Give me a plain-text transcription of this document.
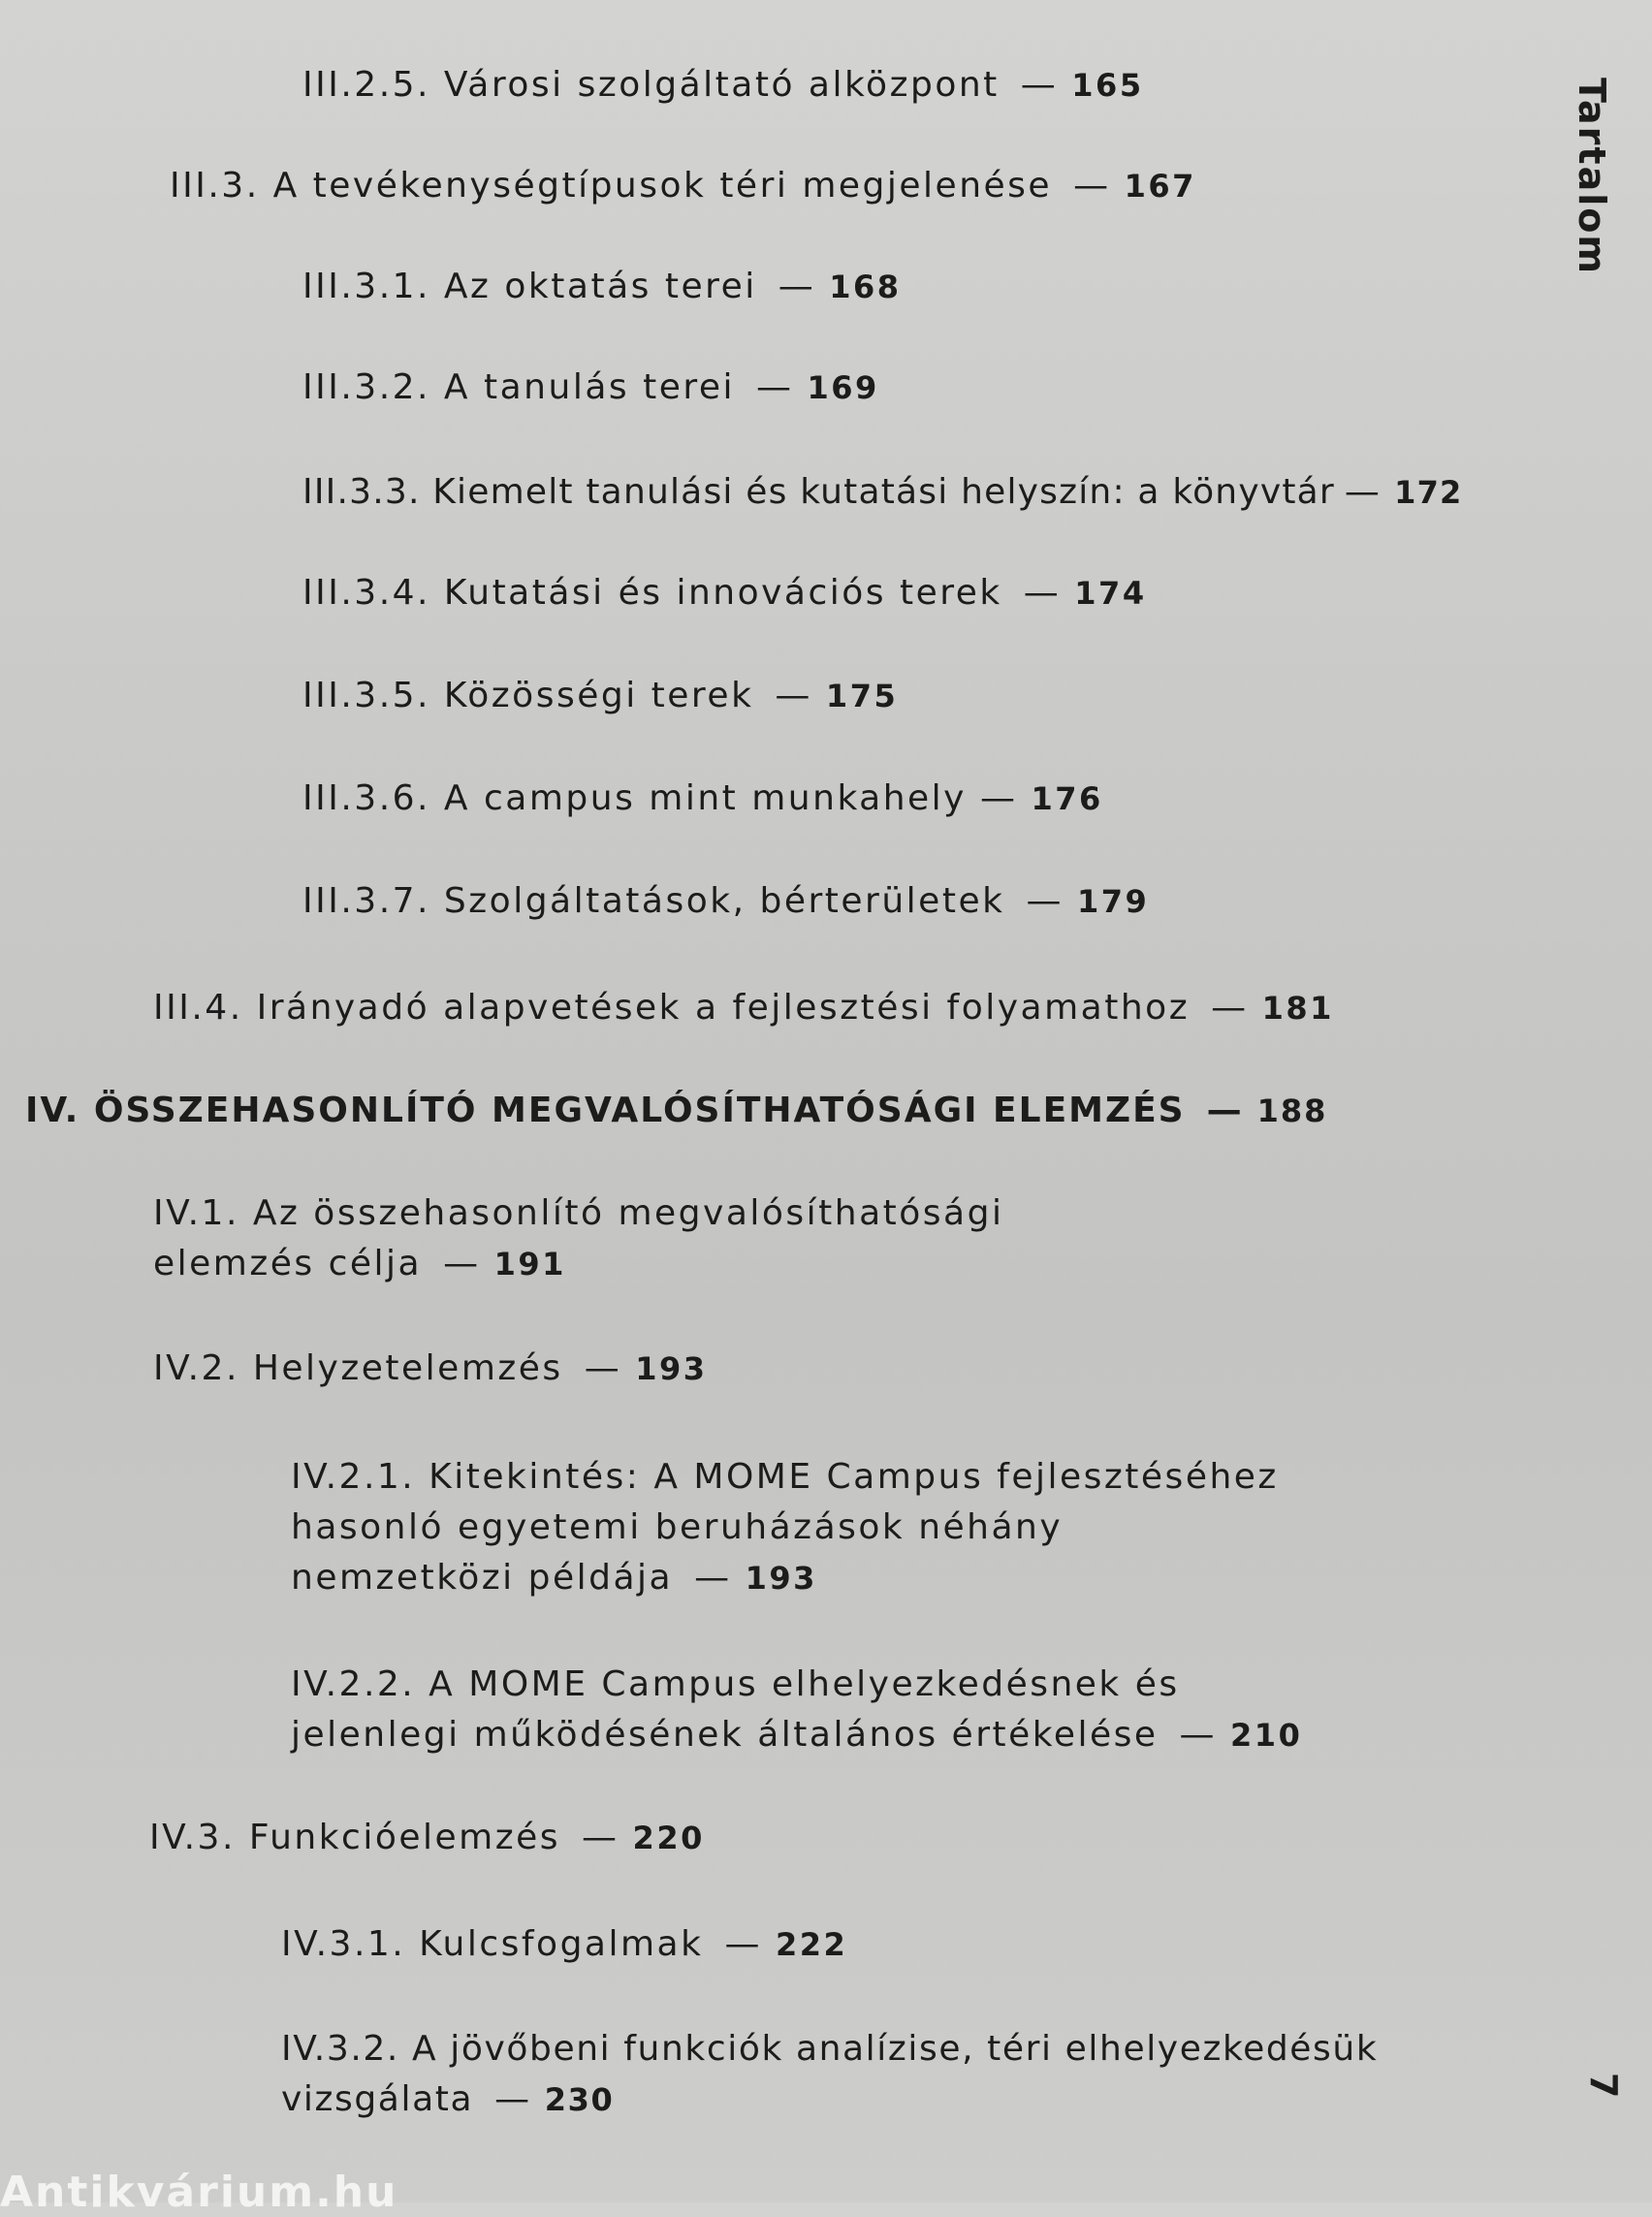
Tartalom
III.2.5. Városi szolgáltató alközpont — 165
III.3. A tevékenységtípusok téri megjelenése — 167
III.3.1. Az oktatás terei — 168
III.3.2. A tanulás terei — 169
III.3.3. Kiemelt tanulási és kutatási helyszín: a könyvtár — 172
III.3.4. Kutatási és innovációs terek — 174
III.3.5. Közösségi terek — 175
III.3.6. A campus mint munkahely — 176
III.3.7. Szolgáltatások, bérterületek — 179
III.4. Irányadó alapvetések a fejlesztési folyamathoz — 181
IV. ÖSSZEHASONLÍTÓ MEGVALÓSÍTHATÓSÁGI ELEMZÉS — 188
IV.1. Az összehasonlító megvalósíthatósági
elemzés célja — 191
IV.2. Helyzetelemzés — 193
IV.2.1. Kitekintés: A MOME Campus fejlesztéséhez
hasonló egyetemi beruházások néhány
nemzetközi példája — 193
IV.2.2. A MOME Campus elhelyezkedésnek és
jelenlegi működésének általános értékelése — 210
IV.3. Funkcióelemzés — 220
IV.3.1. Kulcsfogalmak — 222
IV.3.2. A jövőbeni funkciók analízise, téri elhelyezkedésük
vizsgálata — 230	7
Antikvárium.hu
